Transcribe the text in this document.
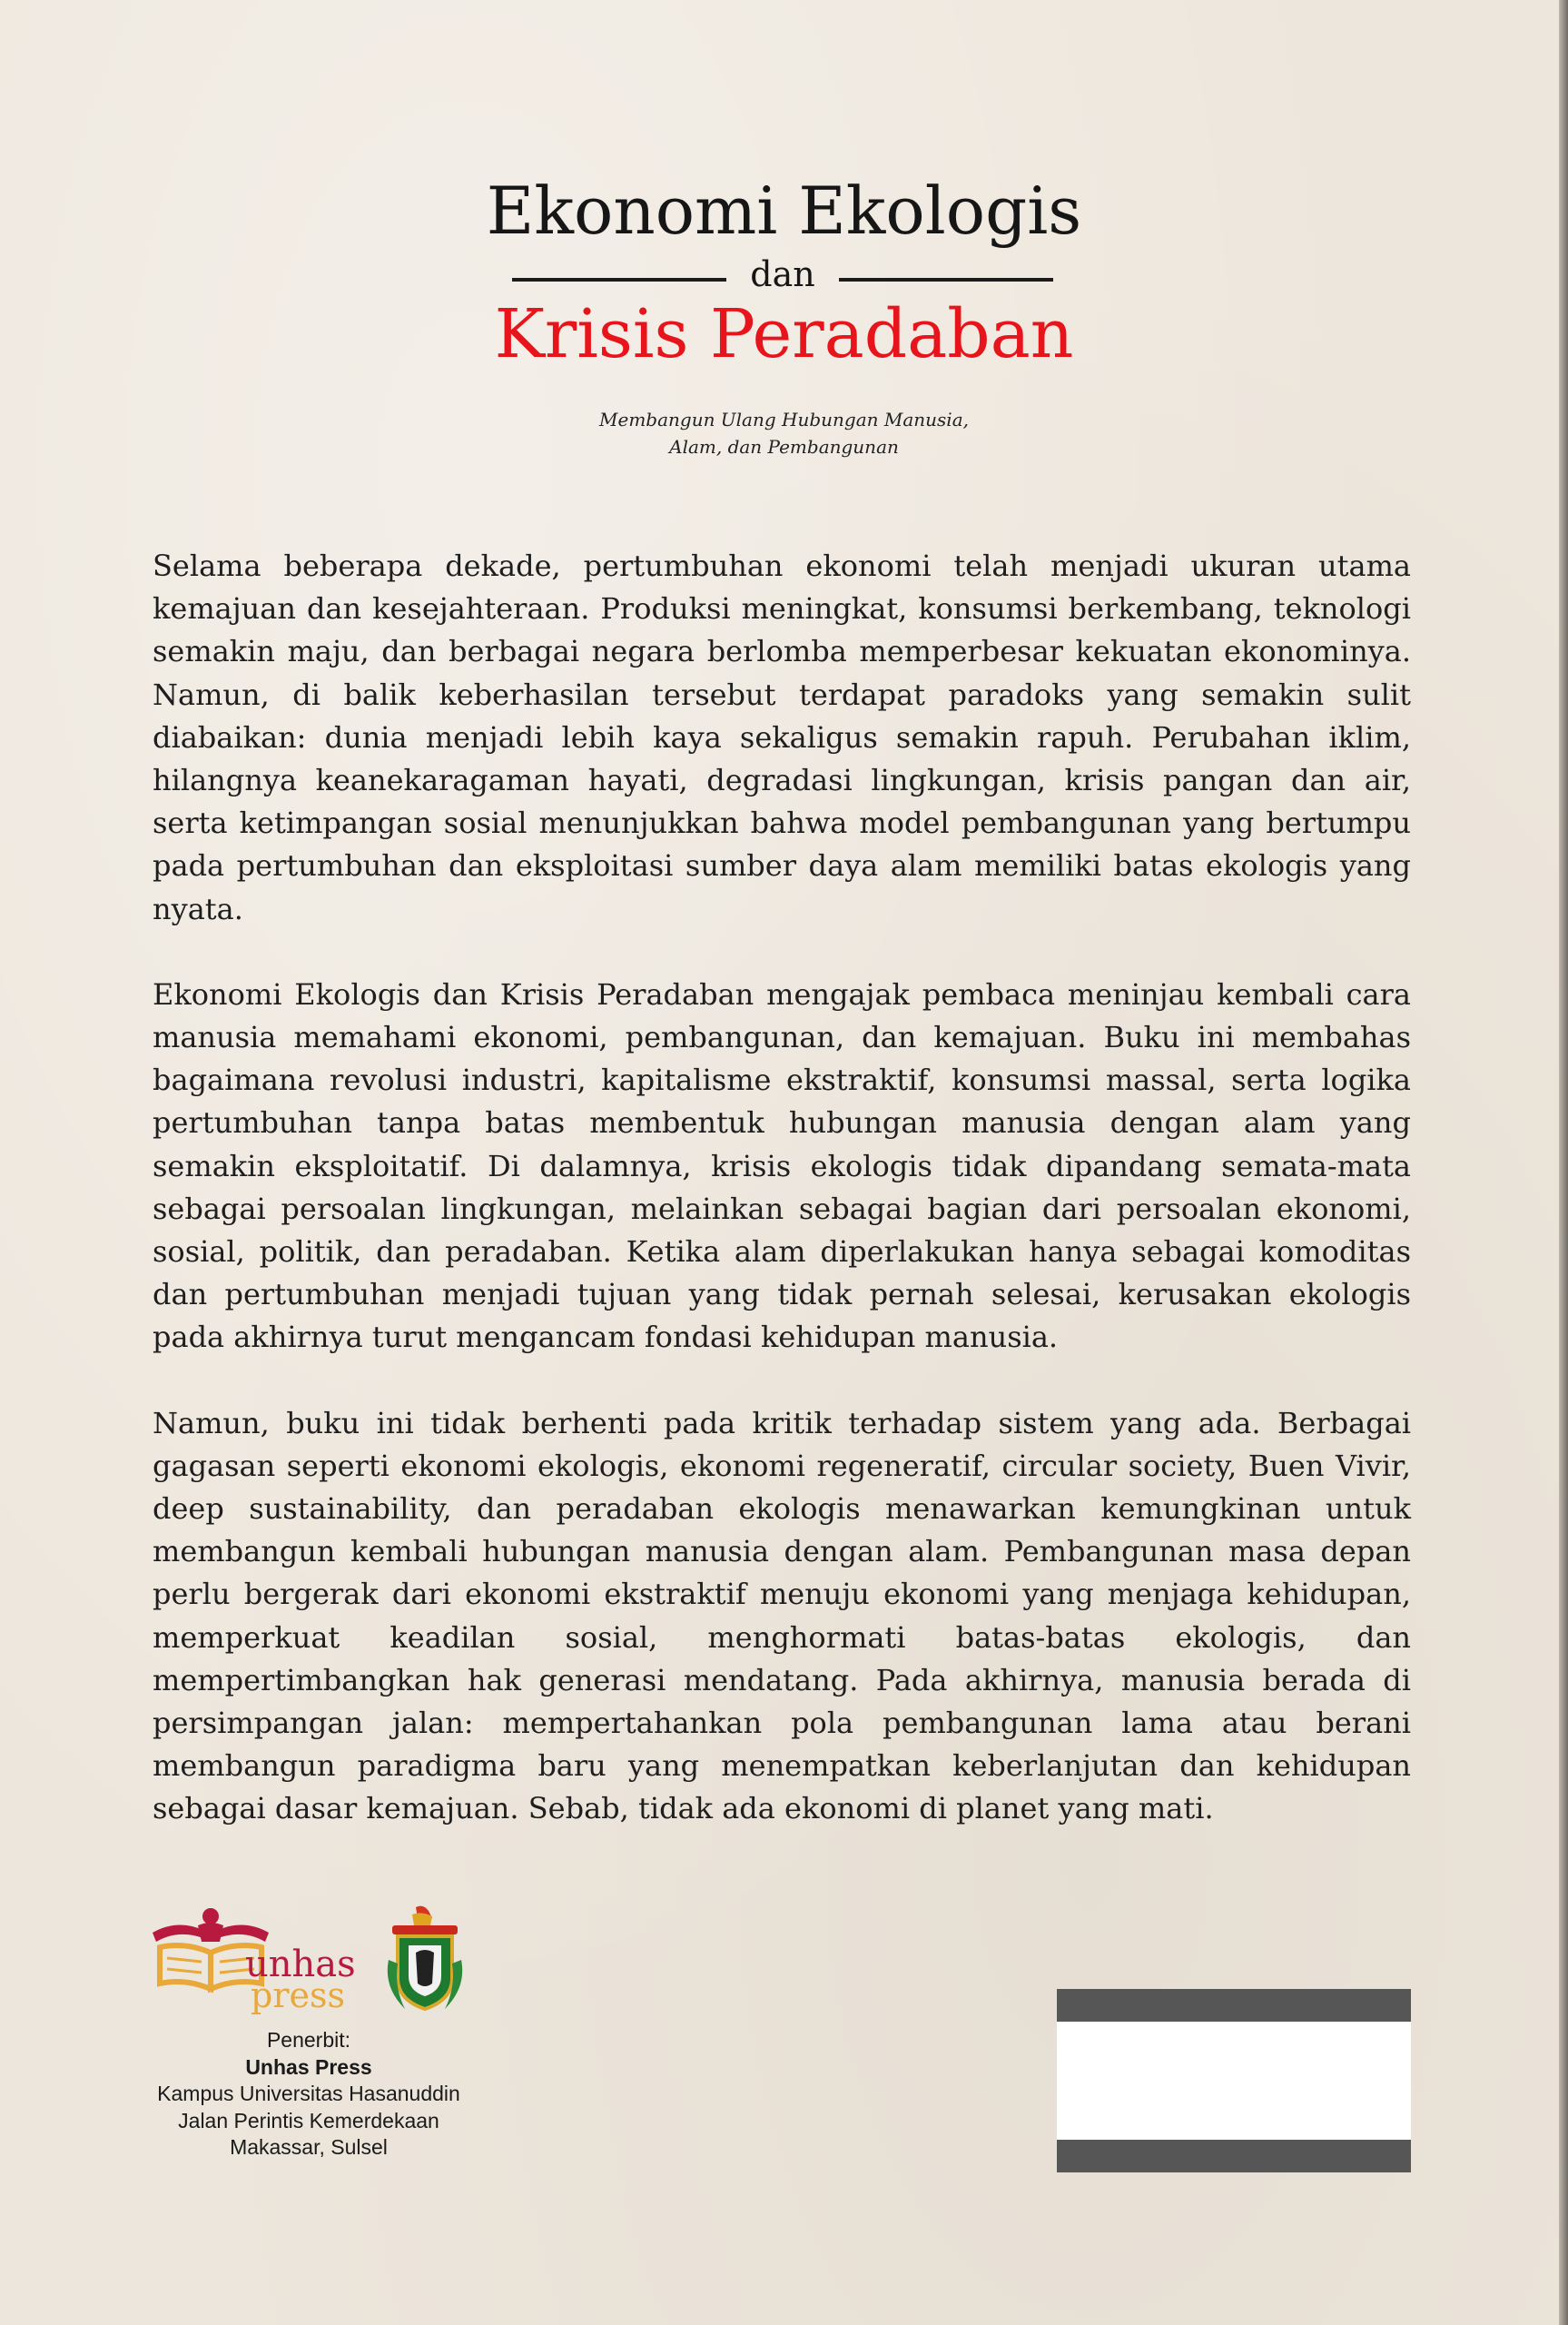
Ekonomi Ekologis
dan
Krisis Peradaban
Membangun Ulang Hubungan Manusia,
Alam, dan Pembangunan

Selama beberapa dekade, pertumbuhan ekonomi telah menjadi ukuran utama kemajuan dan kesejahteraan. Produksi meningkat, konsumsi berkembang, teknologi semakin maju, dan berbagai negara berlomba memperbesar kekuatan ekonominya. Namun, di balik keberhasilan tersebut terdapat paradoks yang semakin sulit diabaikan: dunia menjadi lebih kaya sekaligus semakin rapuh. Perubahan iklim, hilangnya keanekaragaman hayati, degradasi lingkungan, krisis pangan dan air, serta ketimpangan sosial menunjukkan bahwa model pembangunan yang bertumpu pada pertumbuhan dan eksploitasi sumber daya alam memiliki batas ekologis yang nyata.

Ekonomi Ekologis dan Krisis Peradaban mengajak pembaca meninjau kembali cara manusia memahami ekonomi, pembangunan, dan kemajuan. Buku ini membahas bagaimana revolusi industri, kapitalisme ekstraktif, konsumsi massal, serta logika pertumbuhan tanpa batas membentuk hubungan manusia dengan alam yang semakin eksploitatif. Di dalamnya, krisis ekologis tidak dipandang semata-mata sebagai persoalan lingkungan, melainkan sebagai bagian dari persoalan ekonomi, sosial, politik, dan peradaban. Ketika alam diperlakukan hanya sebagai komoditas dan pertumbuhan menjadi tujuan yang tidak pernah selesai, kerusakan ekologis pada akhirnya turut mengancam fondasi kehidupan manusia.

Namun, buku ini tidak berhenti pada kritik terhadap sistem yang ada. Berbagai gagasan seperti ekonomi ekologis, ekonomi regeneratif, circular society, Buen Vivir, deep sustainability, dan peradaban ekologis menawarkan kemungkinan untuk membangun kembali hubungan manusia dengan alam. Pembangunan masa depan perlu bergerak dari ekonomi ekstraktif menuju ekonomi yang menjaga kehidupan, memperkuat keadilan sosial, menghormati batas-batas ekologis, dan mempertimbangkan hak generasi mendatang. Pada akhirnya, manusia berada di persimpangan jalan: mempertahankan pola pembangunan lama atau berani membangun paradigma baru yang menempatkan keberlanjutan dan kehidupan sebagai dasar kemajuan. Sebab, tidak ada ekonomi di planet yang mati.

unhas
press
Penerbit:
Unhas Press
Kampus Universitas Hasanuddin
Jalan Perintis Kemerdekaan
Makassar, Sulsel
